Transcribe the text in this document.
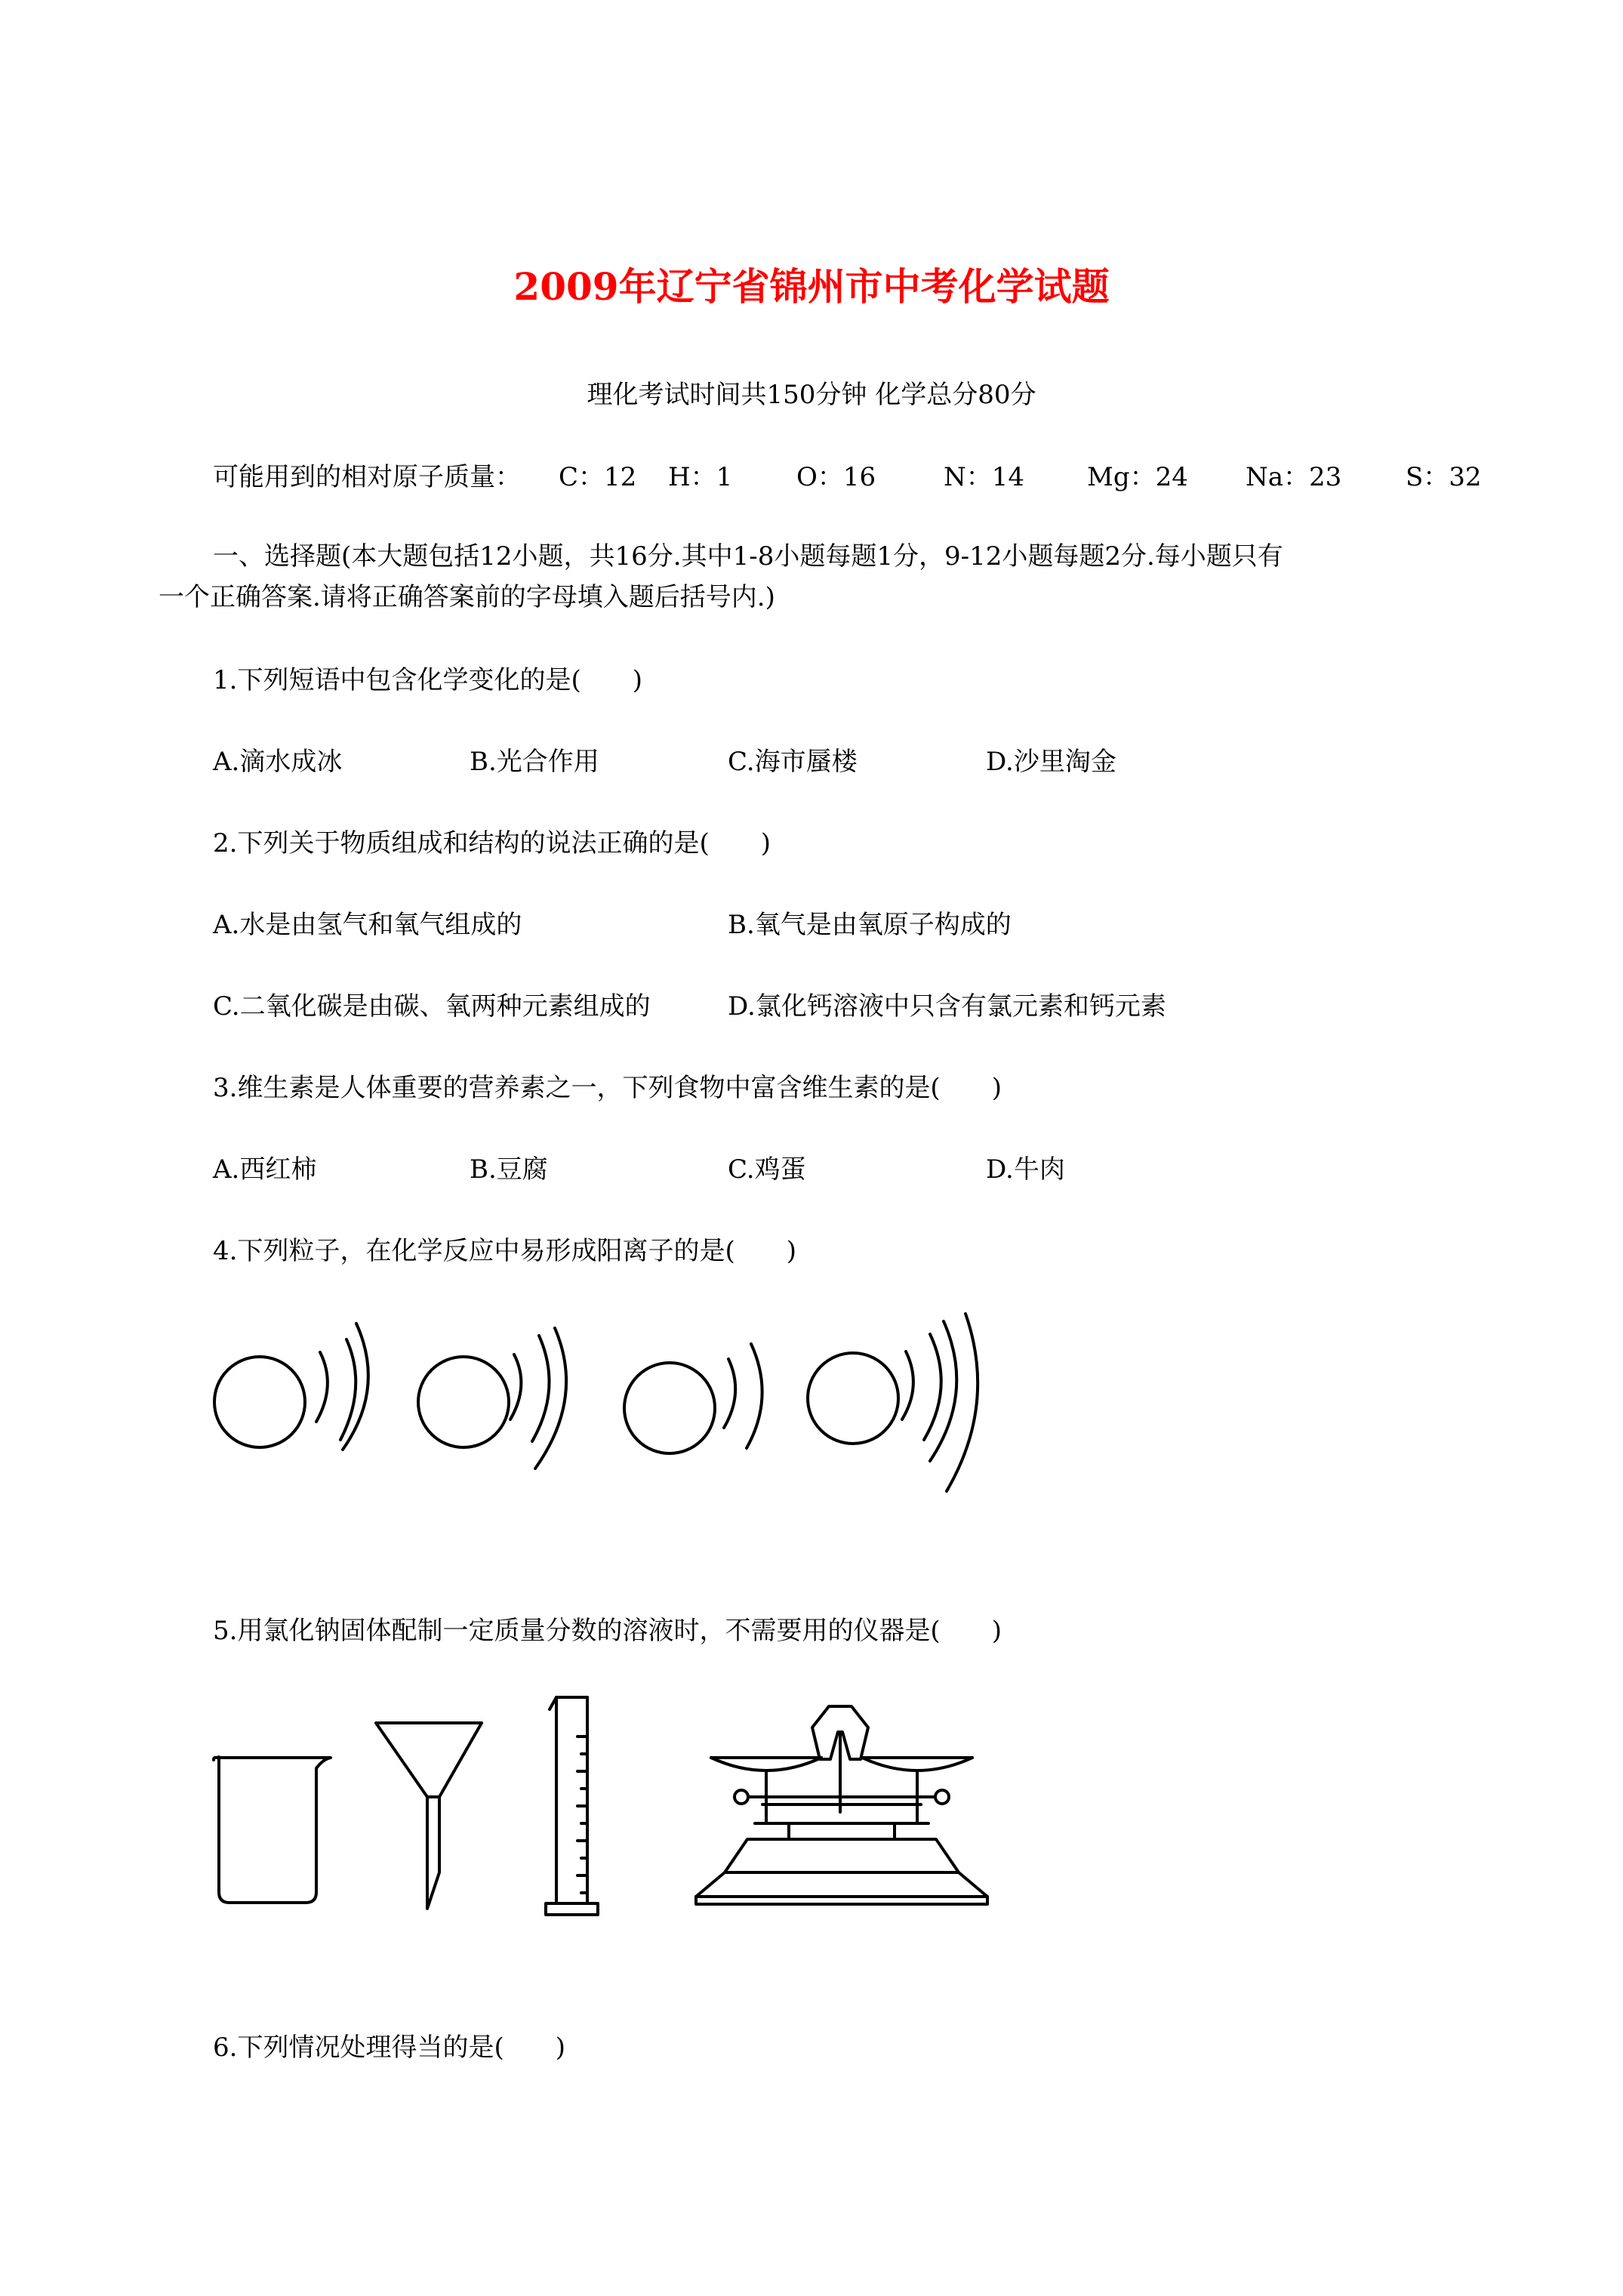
2009年辽宁省锦州市中考化学试题
理化考试时间共150分钟 化学总分80分
可能用到的相对原子质量： C：12 H：1 O：16	N：14 Mg：24 Na：23 S：32
一、选择题(本大题包括12小题，共16分.其中1-8小题每题1分，9-12小题每题2分.每小题只有
一个正确答案.请将正确答案前的字母填入题后括号内.)
1.下列短语中包含化学变化的是(　　)
A.滴水成冰	B.光合作用	C.海市蜃楼	D.沙里淘金
2.下列关于物质组成和结构的说法正确的是(　　)
A.水是由氢气和氧气组成的	B.氧气是由氧原子构成的
C.二氧化碳是由碳、氧两种元素组成的	D.氯化钙溶液中只含有氯元素和钙元素
3.维生素是人体重要的营养素之一，下列食物中富含维生素的是(　　)
A.西红柿	B.豆腐	C.鸡蛋	D.牛肉
4.下列粒子，在化学反应中易形成阳离子的是(　　)
5.用氯化钠固体配制一定质量分数的溶液时，不需要用的仪器是(　　)
6.下列情况处理得当的是(　　)
